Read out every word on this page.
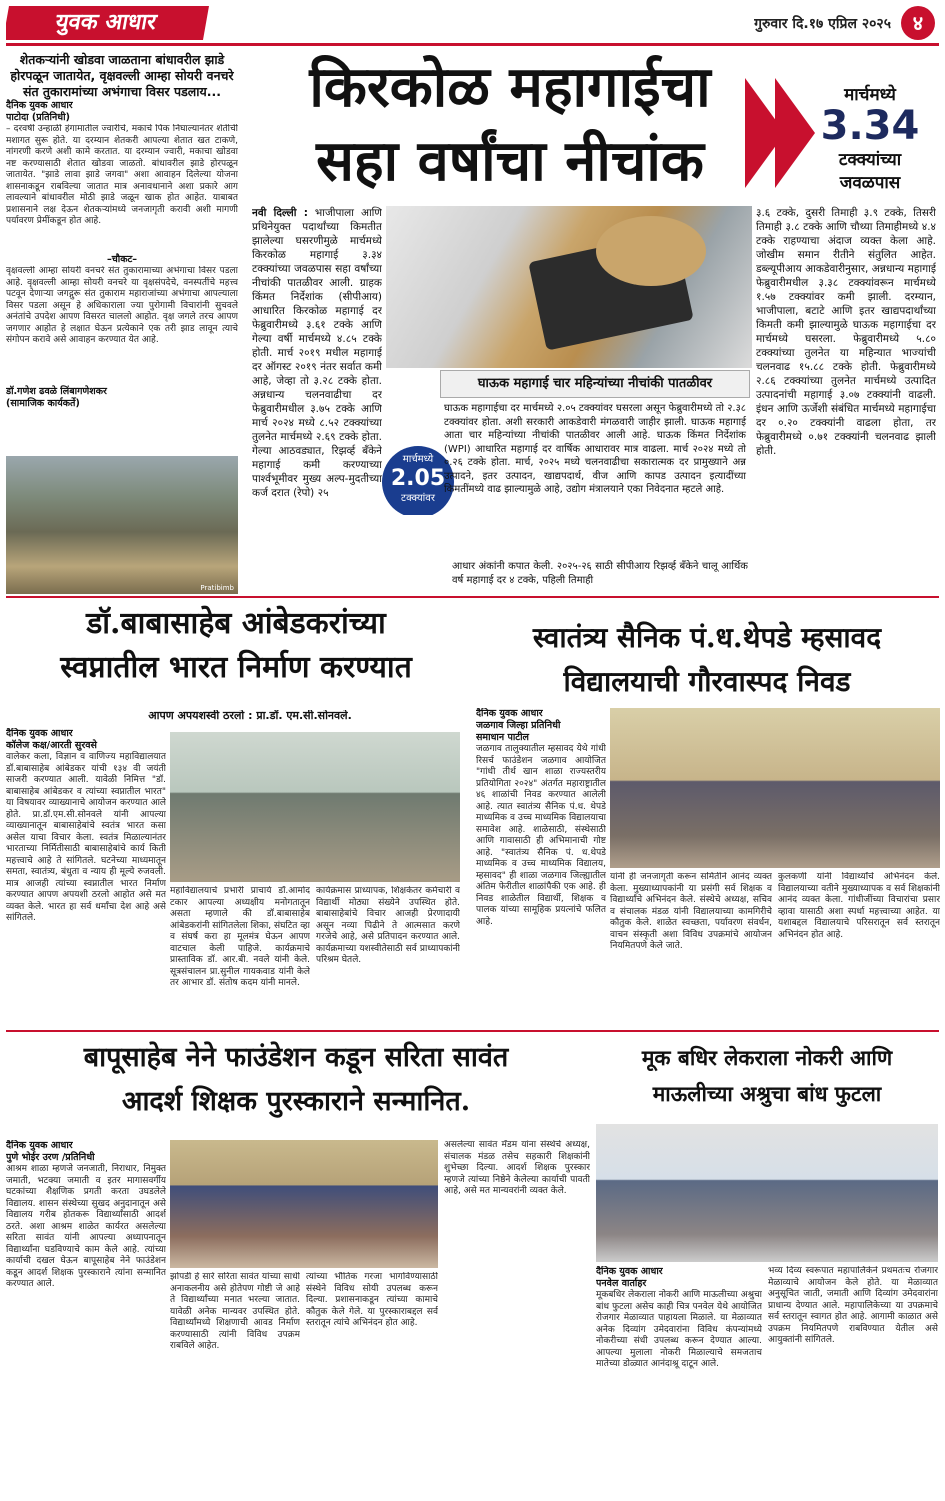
युवक आधार	गुरुवार दि.१७ एप्रिल २०२५	४
शेतकऱ्यांनी खोडवा जाळताना बांधावरील झाडे होरपळून जातायेत, वृक्षवल्ली आम्हा सोयरी वनचरे संत तुकारामांच्या अभंगाचा विसर पडलाय...
दैनिक युवक आधार
पाटोदा (प्रतिनिधी)
– दरवर्षी उन्हाळी हंगामातील ज्वारीचे, मकाचे पिक निघाल्यानंतर शेतीची मशागत सुरू होते. या दरम्यान शेतकरी आपल्या शेतात खत टाकणे, नांगरणी करणे अशी कामे करतात. या दरम्यान ज्वारी, मकाचा खोडवा नष्ट करण्यासाठी शेतात खोडवा जाळतो. बांधावरील झाडे होरपळून जातायेत. "झाडे लावा झाडे जगवा" अशा आवाहन दिलेल्या योजना शासनाकडून राबविल्या जातात मात्र अनावधानाने अशा प्रकारे आग लावल्याने बांधावरील मोठी झाडे जळून खाक होत आहेत. याबाबत प्रशासनाने लक्ष देऊन शेतकऱ्यांमध्ये जनजागृती करावी अशी मागणी पर्यावरण प्रेमींकडून होत आहे.
–चौकट–
वृक्षवल्ली आम्हा सोयरी वनचरे संत तुकारामाच्या अभंगाचा विसर पडला आहे. वृक्षवल्ली आम्हा सोयरी वनचरे या वृक्षसंपदेचे, वनस्पतींचे महत्त्व पटवून देणाऱ्या जगद्गुरू संत तुकाराम महाराजांच्या अभंगाचा आपल्याला विसर पडला असून हे अधिकाराला ज्या पुरोगामी विचारांनी सुचवले अनंतांचे उपदेश आपण विसरत चाललो आहोत. वृक्ष जगले तरच आपण जगणार आहोत हे लक्षात घेऊन प्रत्येकाने एक तरी झाड लावून त्याचे संगोपन करावे असे आवाहन करण्यात येत आहे.
डॉ.गणेश ढवळे लिंबागणेशकर
(सामाजिक कार्यकर्ते)
Pratibimb
किरकोळ महागाईचा
सहा वर्षांचा नीचांक
मार्चमध्ये
3.34
टक्क्यांच्या
जवळपास
नवी दिल्ली : भाजीपाला आणि प्रथिनेयुक्त पदार्थांच्या किमतीत झालेल्या घसरणीमुळे मार्चमध्ये किरकोळ महागाई ३.३४ टक्क्यांच्या जवळपास सहा वर्षांच्या नीचांकी पातळीवर आली. ग्राहक किंमत निर्देशांक (सीपीआय) आधारित किरकोळ महागाई दर फेब्रुवारीमध्ये ३.६१ टक्के आणि गेल्या वर्षी मार्चमध्ये ४.८५ टक्के होती. मार्च २०१९ मधील महागाई दर ऑगस्ट २०१९ नंतर सर्वात कमी आहे, जेव्हा तो ३.२८ टक्के होता. अन्नधान्य चलनवाढीचा दर फेब्रुवारीमधील ३.७५ टक्के आणि मार्च २०२४ मध्ये ८.५२ टक्क्यांच्या तुलनेत मार्चमध्ये २.६९ टक्के होता. गेल्या आठवड्यात, रिझर्व्ह बँकेने महागाई कमी करण्याच्या पार्श्वभूमीवर मुख्य अल्प-मुदतीच्या कर्ज दरात (रेपो) २५
मार्चमध्ये
2.05
टक्क्यांवर
घाऊक महागाई चार महिन्यांच्या नीचांकी पातळीवर
घाऊक महागाईचा दर मार्चमध्ये २.०५ टक्क्यांवर घसरला असून फेब्रुवारीमध्ये तो २.३८ टक्क्यांवर होता. अशी सरकारी आकडेवारी मंगळवारी जाहीर झाली. घाऊक महागाई आता चार महिन्यांच्या नीचांकी पातळीवर आली आहे. घाऊक किंमत निर्देशांक (WPI) आधारित महागाई दर वार्षिक आधारावर मात्र वाढला. मार्च २०२४ मध्ये तो ०.२६ टक्के होता. मार्च, २०२५ मध्ये चलनवाढीचा सकारात्मक दर प्रामुख्याने अन्न उत्पादने, इतर उत्पादन, खाद्यपदार्थ, वीज आणि कापड उत्पादन इत्यादींच्या किमतींमध्ये वाढ झाल्यामुळे आहे, उद्योग मंत्रालयाने एका निवेदनात म्हटले आहे.
आधार अंकांनी कपात केली. २०२५-२६ साठी सीपीआय रिझर्व्ह बँकेने चालू आर्थिक वर्ष महागाई दर ४ टक्के, पहिली तिमाही
३.६ टक्के, दुसरी तिमाही ३.९ टक्के, तिसरी तिमाही ३.८ टक्के आणि चौथ्या तिमाहीमध्ये ४.४ टक्के राहण्याचा अंदाज व्यक्त केला आहे. जोखीम समान रीतीने संतुलित आहेत. डब्ल्यूपीआय आकडेवारीनुसार, अन्नधान्य महागाई फेब्रुवारीमधील ३.३८ टक्क्यांवरून मार्चमध्ये १.५७ टक्क्यांवर कमी झाली. दरम्यान, भाजीपाला, बटाटे आणि इतर खाद्यपदार्थांच्या किमती कमी झाल्यामुळे घाऊक महागाईचा दर मार्चमध्ये घसरला. फेब्रुवारीमध्ये ५.८० टक्क्यांच्या तुलनेत या महिन्यात भाज्यांची चलनवाढ १५.८८ टक्के होती. फेब्रुवारीमध्ये २.८६ टक्क्यांच्या तुलनेत मार्चमध्ये उत्पादित उत्पादनांची महागाई ३.०७ टक्क्यांनी वाढली. इंधन आणि ऊर्जेशी संबंधित मार्चमध्ये महागाईचा दर ०.२० टक्क्यांनी वाढला होता, तर फेब्रुवारीमध्ये ०.७१ टक्क्यांनी चलनवाढ झाली होती.
डॉ.बाबासाहेब आंबेडकरांच्या
स्वप्नातील भारत निर्माण करण्यात
आपण अपयशस्वी ठरलो : प्रा.डॉ. एम.सी.सोनवले.
दैनिक युवक आधार
कॉलेज कक्ष/आरती सुरवसे
वालेकर कला, विज्ञान व वाणिज्य महाविद्यालयात डॉ.बाबासाहेब आंबेडकर यांची १३४ वी जयंती साजरी करण्यात आली. यावेळी निमित्त "डॉ. बाबासाहेब आंबेडकर व त्यांच्या स्वप्नातील भारत" या विषयावर व्याख्यानाचे आयोजन करण्यात आले होते. प्रा.डॉ.एम.सी.सोनवले यांनी आपल्या व्याख्यानातून बाबासाहेबांचे स्वतंत्र भारत कसा असेल याचा विचार केला. स्वतंत्र मिळाल्यानंतर भारताच्या निर्मितीसाठी बाबासाहेबांचे कार्य किती महत्त्वाचे आहे ते सांगितले. घटनेच्या माध्यमातून समता, स्वातंत्र्य, बंधुता व न्याय ही मूल्ये रुजवली. मात्र आजही त्यांच्या स्वप्नातील भारत निर्माण करण्यात आपण अपयशी ठरलो आहोत असे मत व्यक्त केले. भारत हा सर्व धर्मांचा देश आहे असे सांगितले.
महाविद्यालयाचे प्रभारी प्राचार्य डॉ.आमोद टकार आपल्या अध्यक्षीय मनोगतातून असता म्हणाले की डॉ.बाबासाहेब आंबेडकरांनी सांगितलेला शिका, संघटित व्हा व संघर्ष करा हा मूलमंत्र घेऊन आपण वाटचाल केली पाहिजे. कार्यक्रमाचे प्रास्ताविक डॉ. आर.बी. नवले यांनी केले. सूत्रसंचालन प्रा.सुनील गायकवाड यांनी केले तर आभार डॉ. संतोष कदम यांनी मानले.
कार्यक्रमास प्राध्यापक, शिक्षकेतर कर्मचारी व विद्यार्थी मोठ्या संख्येने उपस्थित होते. बाबासाहेबांचे विचार आजही प्रेरणादायी असून नव्या पिढीने ते आत्मसात करणे गरजेचे आहे, असे प्रतिपादन करण्यात आले. कार्यक्रमाच्या यशस्वीतेसाठी सर्व प्राध्यापकांनी परिश्रम घेतले.
स्वातंत्र्य सैनिक पं.ध.थेपडे म्हसावद
विद्यालयाची गौरवास्पद निवड
दैनिक युवक आधार
जळगाव जिल्हा प्रतिनिधी
समाधान पाटील
जळगाव तालुक्यातील म्हसावद येथे गांधी रिसर्च फाउंडेशन जळगाव आयोजित "गांधी तीर्थ खान शाळा राज्यस्तरीय प्रतियोगिता २०२४" अंतर्गत महाराष्ट्रातील ४६ शाळांची निवड करण्यात आलेली आहे. त्यात स्वातंत्र्य सैनिक पं.ध. थेपडे माध्यमिक व उच्च माध्यमिक विद्यालयाचा समावेश आहे. शाळेसाठी, संस्थेसाठी आणि गावासाठी ही अभिमानाची गोष्ट आहे. "स्वातंत्र्य सैनिक पं. ध.थेपडे माध्यमिक व उच्च माध्यमिक विद्यालय, म्हसावद" ही शाळा जळगाव जिल्ह्यातील अंतिम फेरीतील शाळांपैकी एक आहे. ही निवड शाळेतील विद्यार्थी, शिक्षक व पालक यांच्या सामूहिक प्रयत्नांचे फलित आहे.
यांनी ही जनजागृती करून समितीने आनंद व्यक्त केला. मुख्याध्यापकांनी या प्रसंगी सर्व शिक्षक व विद्यार्थ्यांचे अभिनंदन केले. संस्थेचे अध्यक्ष, सचिव व संचालक मंडळ यांनी विद्यालयाच्या कामगिरीचे कौतुक केले. शाळेत स्वच्छता, पर्यावरण संवर्धन, वाचन संस्कृती अशा विविध उपक्रमांचे आयोजन नियमितपणे केले जाते.
कुलकर्णी यांनी विद्यार्थ्यांचे अभिनंदन केले. विद्यालयाच्या वतीने मुख्याध्यापक व सर्व शिक्षकांनी आनंद व्यक्त केला. गांधीजींच्या विचारांचा प्रसार व्हावा यासाठी अशा स्पर्धा महत्त्वाच्या आहेत. या यशाबद्दल विद्यालयाचे परिसरातून सर्व स्तरातून अभिनंदन होत आहे.
बापूसाहेब नेने फाउंडेशन कडून सरिता सावंत
आदर्श शिक्षक पुरस्काराने सन्मानित.
दैनिक युवक आधार
पुणे भोईर उरण /प्रतिनिधी
आश्रम शाळा म्हणजे जनजाती, निराधार, निमुक्त जमाती, भटक्या जमाती व इतर मागासवर्गीय घटकांच्या शैक्षणिक प्रगती करता उघडलेले विद्यालय. शासन संस्थेच्या सुखद अनुदानातून असे विद्यालय गरीब होतकरू विद्यार्थ्यांसाठी आदर्श ठरते. अशा आश्रम शाळेत कार्यरत असलेल्या सरिता सावंत यांनी आपल्या अध्यापनातून विद्यार्थ्यांना घडविण्याचे काम केले आहे. त्यांच्या कार्याची दखल घेऊन बापूसाहेब नेने फाउंडेशन कडून आदर्श शिक्षक पुरस्काराने त्यांना सन्मानित करण्यात आले.
झोपडी हे सारे सरिता सावंत यांच्या साधी अनाकलनीय असे होतेपण गोष्टी जे आहे ते विद्यार्थ्यांच्या मनात भरल्या जातात. यावेळी अनेक मान्यवर उपस्थित होते. विद्यार्थ्यांमध्ये शिक्षणाची आवड निर्माण करण्यासाठी त्यांनी विविध उपक्रम राबविले आहेत.
त्यांच्या भौतिक गरजा भागविण्यासाठी संस्थेने विविध सोयी उपलब्ध करून दिल्या. प्रशासनाकडून त्यांच्या कामाचे कौतुक केले गेले. या पुरस्काराबद्दल सर्व स्तरातून त्यांचे अभिनंदन होत आहे.
असलेल्या सावंत मॅडम यांना संस्थेचे अध्यक्ष, संचालक मंडळ तसेच सहकारी शिक्षकांनी शुभेच्छा दिल्या. आदर्श शिक्षक पुरस्कार म्हणजे त्यांच्या निष्ठेने केलेल्या कार्याची पावती आहे, असे मत मान्यवरांनी व्यक्त केले.
मूक बधिर लेकराला नोकरी आणि
माऊलीच्या अश्रुचा बांध फुटला
दैनिक युवक आधार
पनवेल वार्ताहर
मूकबधिर लेकराला नोकरी आणि माऊलीच्या अश्रुचा बांध फुटला असेच काही चित्र पनवेल येथे आयोजित रोजगार मेळाव्यात पाहायला मिळाले. या मेळाव्यात अनेक दिव्यांग उमेदवारांना विविध कंपन्यांमध्ये नोकरीच्या संधी उपलब्ध करून देण्यात आल्या. आपल्या मुलाला नोकरी मिळाल्याचे समजताच मातेच्या डोळ्यात आनंदाश्रू दाटून आले.
भव्य दिव्य स्वरूपात महापालिकेने प्रथमतःच रोजगार मेळाव्याचे आयोजन केले होते. या मेळाव्यात अनुसूचित जाती, जमाती आणि दिव्यांग उमेदवारांना प्राधान्य देण्यात आले. महापालिकेच्या या उपक्रमाचे सर्व स्तरातून स्वागत होत आहे. आगामी काळात असे उपक्रम नियमितपणे राबविण्यात येतील असे आयुक्तांनी सांगितले.
